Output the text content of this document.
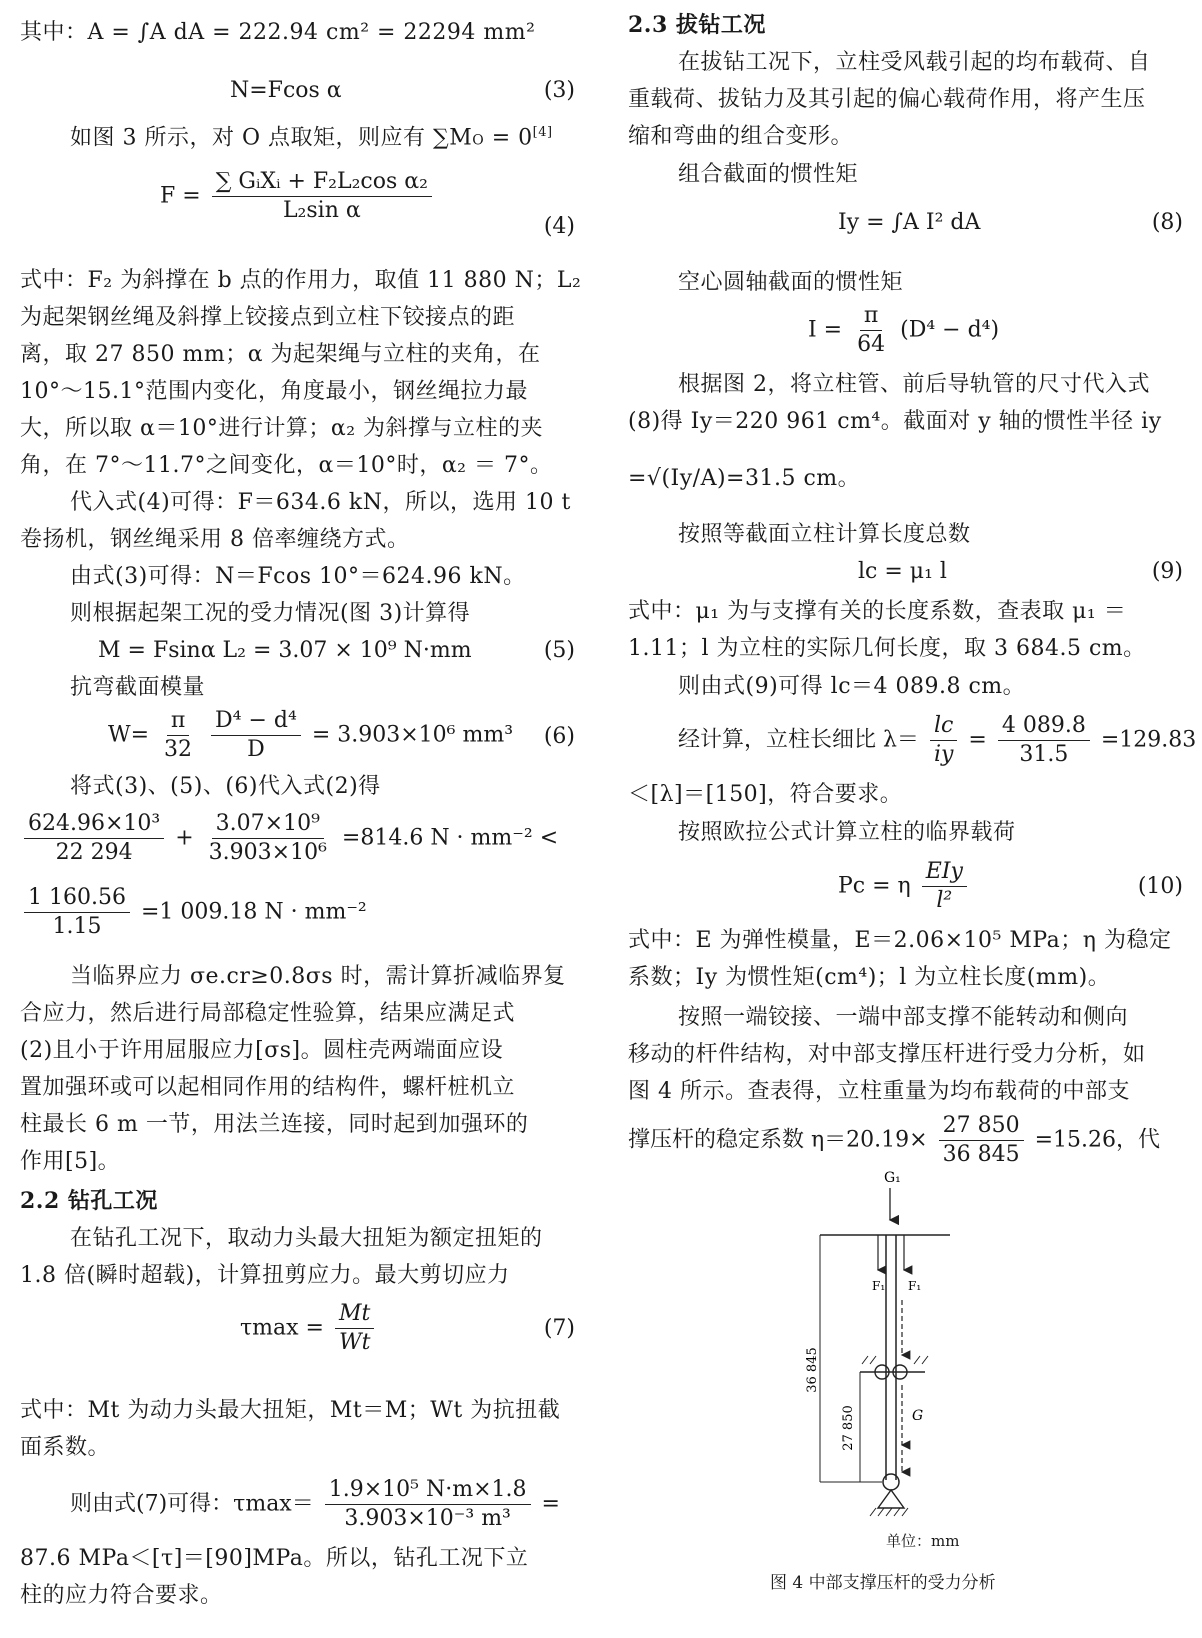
其中：A = ∫A dA = 222.94 cm² = 22294 mm²
N=Fcos α	(3)
如图 3 所示，对 O 点取矩，则应有 ∑MO = 0[4]
$F = \frac{\text{∑ GᵢXᵢ + F₂L₂cos α₂}}{\text{L₂sin α}}$
(4)
式中：F₂ 为斜撑在 b 点的作用力，取值 11 880 N；L₂
为起架钢丝绳及斜撑上铰接点到立柱下铰接点的距
离，取 27 850 mm；α 为起架绳与立柱的夹角，在
10°～15.1°范围内变化，角度最小，钢丝绳拉力最
大，所以取 α＝10°进行计算；α₂ 为斜撑与立柱的夹
角，在 7°～11.7°之间变化，α＝10°时，α₂ ＝ 7°。
代入式(4)可得：F＝634.6 kN，所以，选用 10 t
卷扬机，钢丝绳采用 8 倍率缠绕方式。
由式(3)可得：N＝Fcos 10°＝624.96 kN。
则根据起架工况的受力情况(图 3)计算得
M = Fsinα L₂ = 3.07 × 10⁹ N·mm	(5)
抗弯截面模量
$W= \frac{\pi}{32}$
$\frac{\text{D⁴ − d⁴}}{D} = 3.903\times 10^6$ mm³ (6)
将式(3)、(5)、(6)代入式(2)得
$\frac{\text{624.96×10³}}{22 294} + \frac{\text{3.07×10⁹}}{\text{3.903×10⁶}} =814.6$ N · mm⁻² <
$\frac{1 160.56}{1.15} =1$ 009.18 N · mm⁻²
当临界应力 σe.cr≥0.8σs 时，需计算折减临界复
合应力，然后进行局部稳定性验算，结果应满足式
(2)且小于许用屈服应力[σs]。圆柱壳两端面应设
置加强环或可以起相同作用的结构件，螺杆桩机立
柱最长 6 m 一节，用法兰连接，同时起到加强环的
作用[5]。
2.2 钻孔工况
在钻孔工况下，取动力头最大扭矩为额定扭矩的
1.8 倍(瞬时超载)，计算扭剪应力。最大剪切应力
$\tau\max = \frac{Mt}{Wt}$	(7)
式中：Mt 为动力头最大扭矩，Mt＝M；Wt 为抗扭截
面系数。
则由式(7)可得：$\tau\max= \frac{\text{1.9×10⁵ N·m×1.8}}{\text{3.903×10⁻³ m³}}$ =
87.6 MPa＜[τ]＝[90]MPa。所以，钻孔工况下立
柱的应力符合要求。
2.3 拔钻工况
在拔钻工况下，立柱受风载引起的均布载荷、自
重载荷、拔钻力及其引起的偏心载荷作用，将产生压
缩和弯曲的组合变形。
组合截面的惯性矩
Iy = ∫A I² dA	(8)
空心圆轴截面的惯性矩
$I = \frac{\pi}{64} (D^4 - d^4)$
根据图 2，将立柱管、前后导轨管的尺寸代入式
(8)得 Iy＝220 961 cm⁴。截面对 y 轴的惯性半径 iy
=√(Iy/A)=31.5 cm。
按照等截面立柱计算长度总数
lc = μ₁ l	(9)
式中：μ₁ 为与支撑有关的长度系数，查表取 μ₁ ＝
1.11；l 为立柱的实际几何长度，取 3 684.5 cm。
则由式(9)可得 lc＝4 089.8 cm。
经计算，立柱长细比 $\lambda= \frac{lc}{iy} = \frac{4 089.8}{31.5} =129.83$
＜[λ]＝[150]，符合要求。
按照欧拉公式计算立柱的临界载荷
Pc = η $\frac{\text{EIy}}{\text{l²}}$	(10)
式中：E 为弹性模量，E＝2.06×10⁵ MPa；η 为稳定
系数；Iy 为惯性矩(cm⁴)；l 为立柱长度(mm)。
按照一端铰接、一端中部支撑不能转动和侧向
移动的杆件结构，对中部支撑压杆进行受力分析，如
图 4 所示。查表得，立柱重量为均布载荷的中部支
撑压杆的稳定系数 $\eta=20.19\times \frac{27 850}{36 845} =15.26$，代
G₁
F₁ F₁
G
36 845
27 850
单位：mm
图 4 中部支撑压杆的受力分析
